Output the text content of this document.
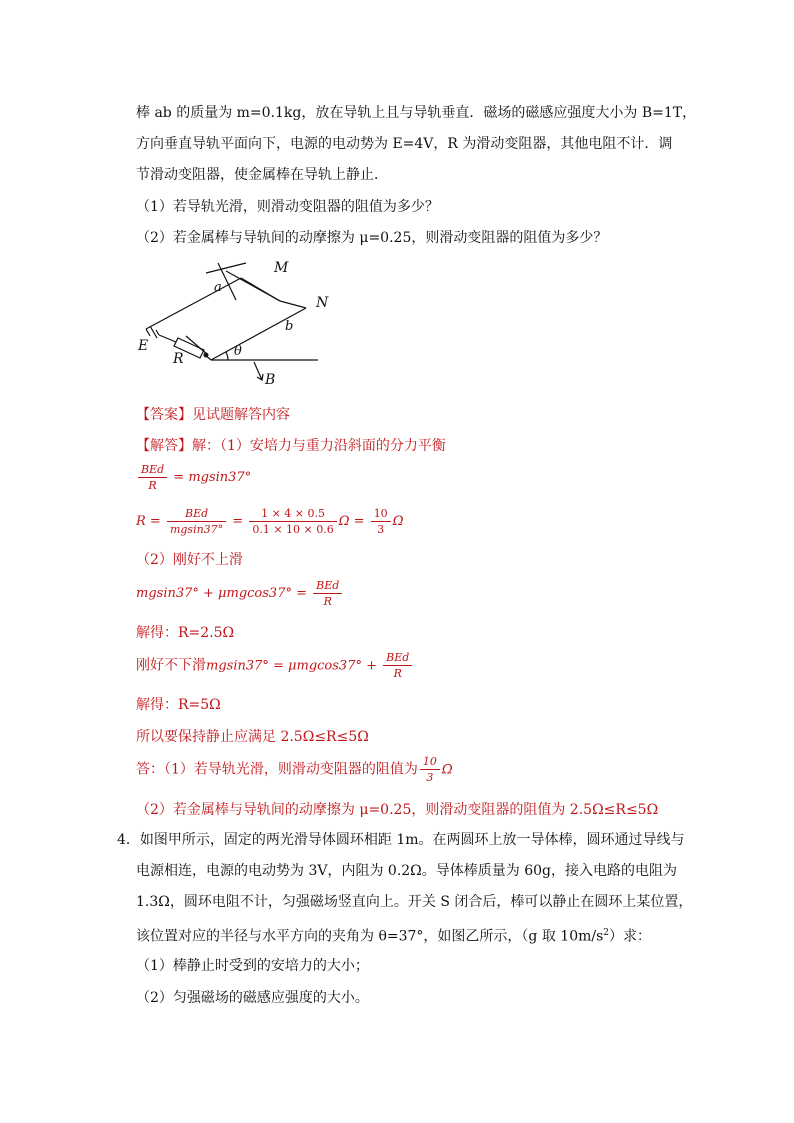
棒 ab 的质量为 m=0.1kg，放在导轨上且与导轨垂直．磁场的磁感应强度大小为 B=1T，
方向垂直导轨平面向下，电源的电动势为 E=4V，R 为滑动变阻器，其他电阻不计．调
节滑动变阻器，使金属棒在导轨上静止．
（1）若导轨光滑，则滑动变阻器的阻值为多少？
（2）若金属棒与导轨间的动摩擦为 μ=0.25，则滑动变阻器的阻值为多少？
M
N
a
b
E
R	θ
B
【答案】见试题解答内容
【解答】解：（1）安培力与重力沿斜面的分力平衡
$\frac{\text{BEd}}{R} = mgsin37^\circ$
$R = \frac{\text{BEd}}{mgsin37^\circ} = \frac{1 \times 4 \times 0.5}{0.1 \times 10 \times 0.6}$ $\Omega = \frac{10}{3}$ Ω
（2）刚好不上滑
$mgsin37^\circ + \mu mgcos37^\circ = \frac{\text{BEd}}{R}$
解得：R=2.5Ω
刚好不下滑$mgsin37^\circ = \mu mgcos37^\circ + \frac{\text{BEd}}{R}$
解得：R=5Ω
所以要保持静止应满足 2.5Ω≤R≤5Ω
答：（1）若导轨光滑，则滑动变阻器的阻值为 $\frac{10}{3}$ Ω
（2）若金属棒与导轨间的动摩擦为 μ=0.25，则滑动变阻器的阻值为 2.5Ω≤R≤5Ω
4．如图甲所示，固定的两光滑导体圆环相距 1m。在两圆环上放一导体棒，圆环通过导线与
电源相连，电源的电动势为 3V，内阻为 0.2Ω。导体棒质量为 60g，接入电路的电阻为
1.3Ω，圆环电阻不计，匀强磁场竖直向上。开关 S 闭合后，棒可以静止在圆环上某位置，
该位置对应的半径与水平方向的夹角为 θ=37°，如图乙所示，（g 取 $10m/s^2$）求：
（1）棒静止时受到的安培力的大小；
（2）匀强磁场的磁感应强度的大小。
